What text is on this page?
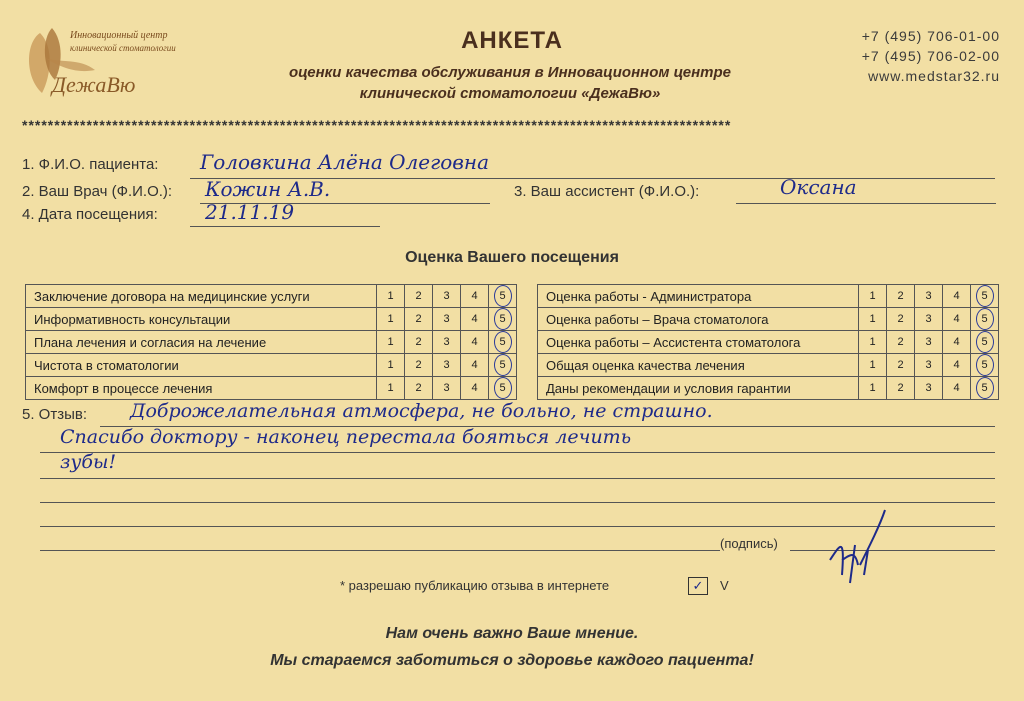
Инновационный центр
клинической стоматологии
ДежаВю
АНКЕТА
оценки качества обслуживания в Инновационном центре
клинической стоматологии «ДежаВю»
+7 (495) 706-01-00
+7 (495) 706-02-00
www.medstar32.ru
**************************************************************************************************************
1. Ф.И.О. пациента: Головкина Алёна Олеговна
2. Ваш Врач (Ф.И.О.): Кожин А.В.	3. Ваш ассистент (Ф.И.О.):	Оксана
4. Дата посещения: 21.11.19
Оценка Вашего посещения
Заключение договора на медицинские услуги	1	2	3	4	5
Информативность консультации	1	2	3	4	5
Плана лечения и согласия на лечение	1	2	3	4	5
Чистота в стоматологии	1	2	3	4	5
Комфорт в процессе лечения	1	2	3	4	5
Оценка работы - Администратора	1	2	3	4	5
Оценка работы – Врача стоматолога	1	2	3	4	5
Оценка работы – Ассистента стоматолога	1	2	3	4	5
Общая оценка качества лечения	1	2	3	4	5
Даны рекомендации и условия гарантии	1	2	3	4	5
5. Отзыв: Доброжелательная атмосфера, не больно, не страшно.
Спасибо доктору - наконец перестала бояться лечить
зубы!
(подпись)
* разрешаю публикацию отзыва в интернете	✓	V
Нам очень важно Ваше мнение.
Мы стараемся заботиться о здоровье каждого пациента!
